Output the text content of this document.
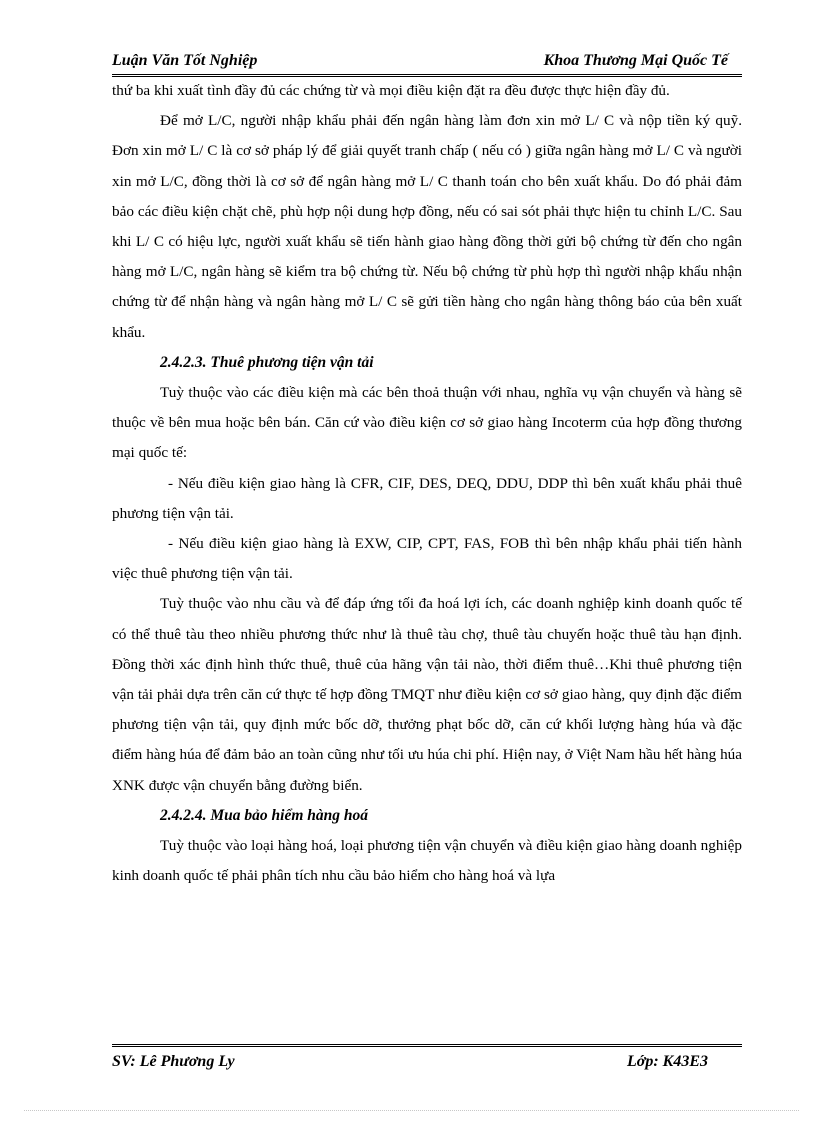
Luận Văn Tốt Nghiệp	Khoa Thương Mại Quốc Tế

thứ ba khi xuất tình đầy đủ các chứng từ và mọi điều kiện đặt ra đều được thực hiện đầy đủ.

Để mở L/C, người nhập khẩu phải đến ngân hàng làm đơn xin mở L/ C và nộp tiền ký quỹ. Đơn xin mở L/ C là cơ sở pháp lý để giải quyết tranh chấp ( nếu có ) giữa ngân hàng mở L/ C và người xin mở L/C, đồng thời là cơ sở để ngân hàng mở L/ C thanh toán cho bên xuất khẩu. Do đó phải đảm bảo các điều kiện chặt chẽ, phù hợp nội dung hợp đồng, nếu có sai sót phải thực hiện tu chỉnh L/C. Sau khi L/ C có hiệu lực, người xuất khẩu sẽ tiến hành giao hàng đồng thời gửi bộ chứng từ đến cho ngân hàng mở L/C, ngân hàng sẽ kiểm tra bộ chứng từ. Nếu bộ chứng từ phù hợp thì người nhập khẩu nhận chứng từ để nhận hàng và ngân hàng mở L/ C sẽ gửi tiền hàng cho ngân hàng thông báo của bên xuất khẩu.

2.4.2.3. Thuê phương tiện vận tải

Tuỳ thuộc vào các điều kiện mà các bên thoả thuận với nhau, nghĩa vụ vận chuyển và hàng sẽ thuộc về bên mua hoặc bên bán. Căn cứ vào điều kiện cơ sở giao hàng Incoterm của hợp đồng thương mại quốc tế:

- Nếu điều kiện giao hàng là CFR, CIF, DES, DEQ, DDU, DDP thì bên xuất khẩu phải thuê phương tiện vận tải.

- Nếu điều kiện giao hàng là EXW, CIP, CPT, FAS, FOB thì bên nhập khẩu phải tiến hành việc thuê phương tiện vận tải.

Tuỳ thuộc vào nhu cầu và để đáp ứng tối đa hoá lợi ích, các doanh nghiệp kinh doanh quốc tế có thể thuê tàu theo nhiều phương thức như là thuê tàu chợ, thuê tàu chuyến hoặc thuê tàu hạn định. Đồng thời xác định hình thức thuê, thuê của hãng vận tải nào, thời điểm thuê…Khi thuê phương tiện vận tải phải dựa trên căn cứ thực tế hợp đồng TMQT như điều kiện cơ sở giao hàng, quy định đặc điểm phương tiện vận tải, quy định mức bốc dỡ, thưởng phạt bốc dỡ, căn cứ khối lượng hàng húa và đặc điểm hàng húa để đảm bảo an toàn cũng như tối ưu húa chi phí. Hiện nay, ở Việt Nam hầu hết hàng húa XNK được vận chuyển bằng đường biển.

2.4.2.4. Mua bảo hiểm hàng hoá

Tuỳ thuộc vào loại hàng hoá, loại phương tiện vận chuyển và điều kiện giao hàng doanh nghiệp kinh doanh quốc tế phải phân tích nhu cầu bảo hiểm cho hàng hoá và lựa

SV: Lê Phương Ly	Lớp: K43E3
